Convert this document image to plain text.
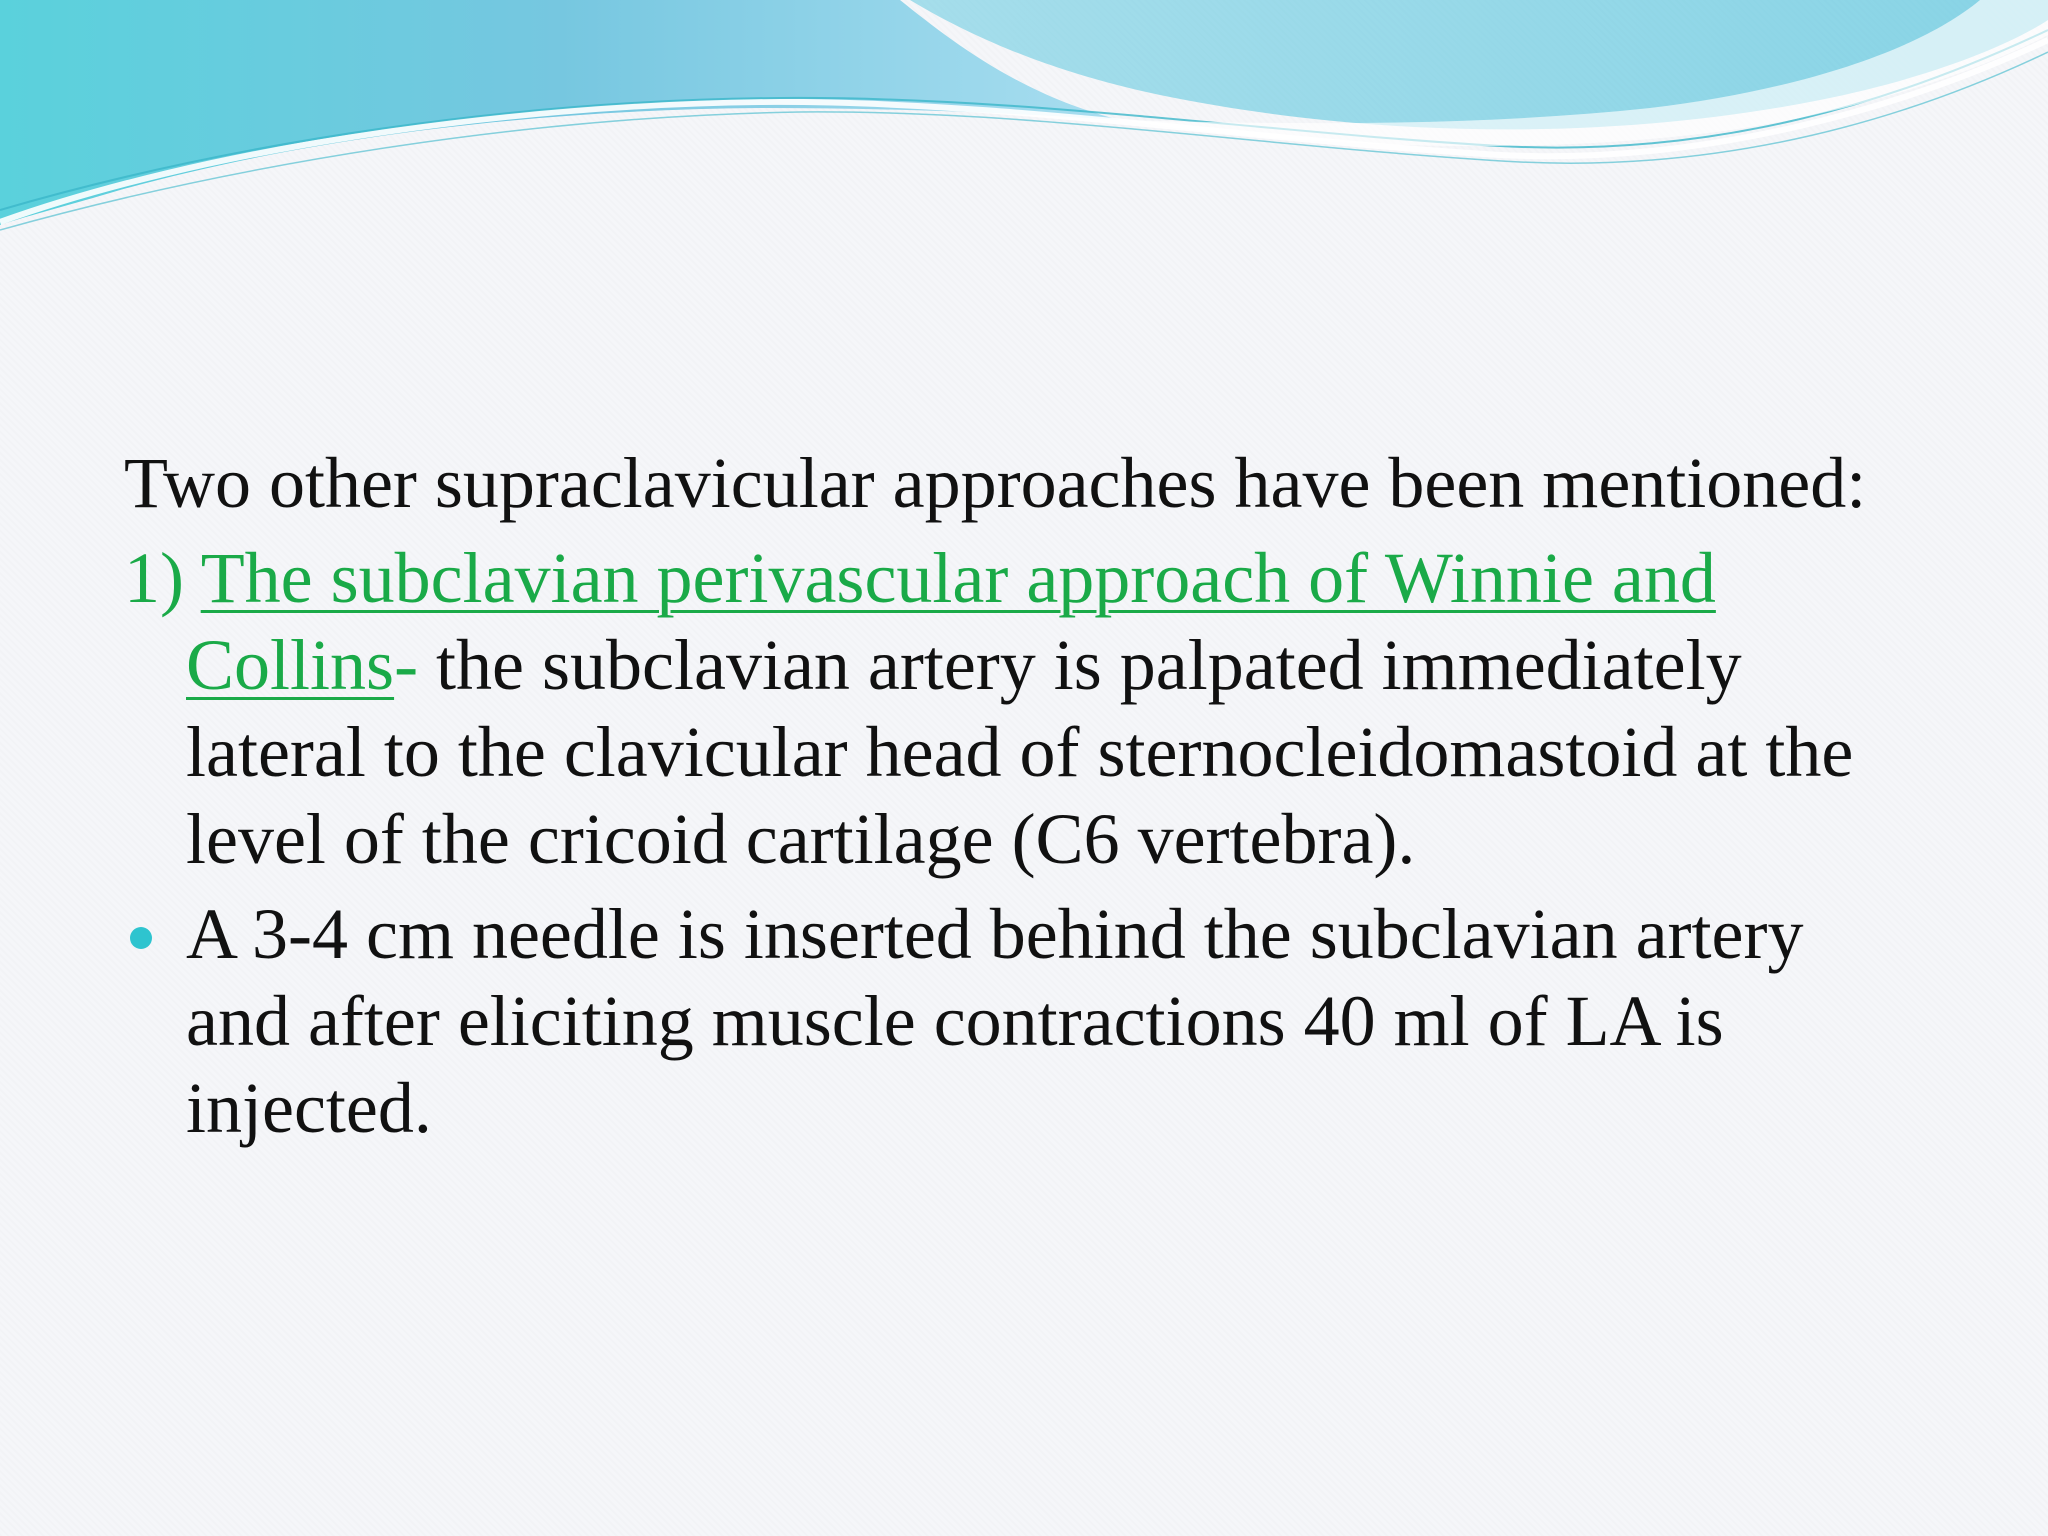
Two other supraclavicular approaches have been mentioned:

1) The subclavian perivascular approach of Winnie and Collins- the subclavian artery is palpated immediately lateral to the clavicular head of sternocleidomastoid at the level of the cricoid cartilage (C6 vertebra).

A 3-4 cm needle is inserted behind the subclavian artery and after eliciting muscle contractions 40 ml of LA is injected.
